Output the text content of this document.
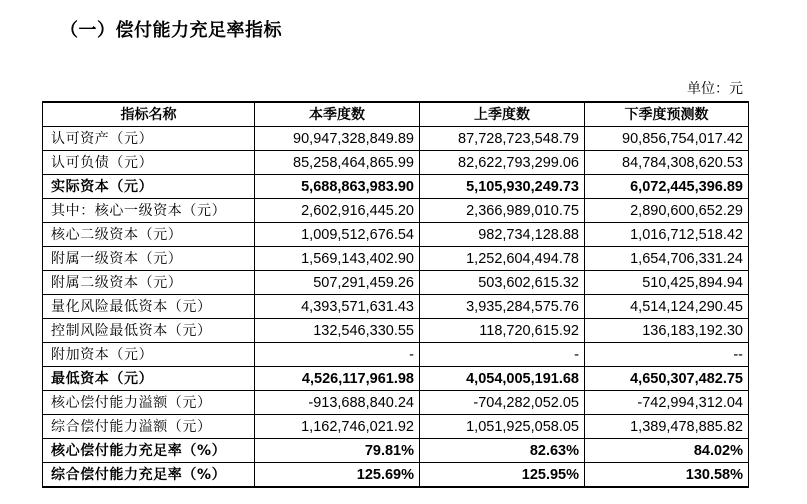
（一）偿付能力充足率指标
单位：元
指标名称	本季度数	上季度数	下季度预测数
认可资产（元）	90,947,328,849.89	87,728,723,548.79	90,856,754,017.42
认可负债（元）	85,258,464,865.99	82,622,793,299.06	84,784,308,620.53
实际资本（元）	5,688,863,983.90	5,105,930,249.73	6,072,445,396.89
其中：核心一级资本（元）	2,602,916,445.20	2,366,989,010.75	2,890,600,652.29
核心二级资本（元）	1,009,512,676.54	982,734,128.88	1,016,712,518.42
附属一级资本（元）	1,569,143,402.90	1,252,604,494.78	1,654,706,331.24
附属二级资本（元）	507,291,459.26	503,602,615.32	510,425,894.94
量化风险最低资本（元）	4,393,571,631.43	3,935,284,575.76	4,514,124,290.45
控制风险最低资本（元）	132,546,330.55	118,720,615.92	136,183,192.30
附加资本（元）	-	-	--
最低资本（元）	4,526,117,961.98	4,054,005,191.68	4,650,307,482.75
核心偿付能力溢额（元）	-913,688,840.24	-704,282,052.05	-742,994,312.04
综合偿付能力溢额（元）	1,162,746,021.92	1,051,925,058.05	1,389,478,885.82
核心偿付能力充足率（%）	79.81%	82.63%	84.02%
综合偿付能力充足率（%）	125.69%	125.95%	130.58%
